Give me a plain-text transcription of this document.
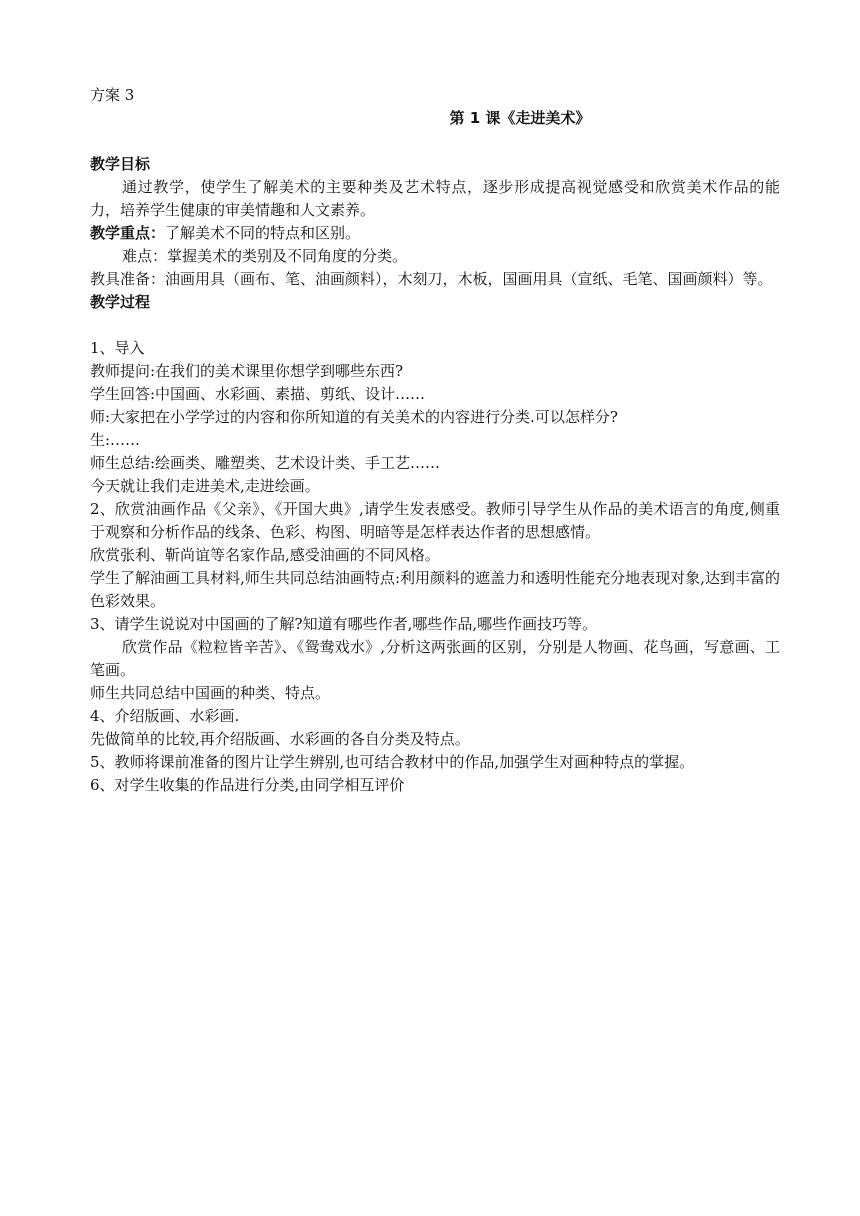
方案 3
第 1 课《走进美术》
教学目标
通过教学，使学生了解美术的主要种类及艺术特点，逐步形成提高视觉感受和欣赏美术作品的能力，培养学生健康的审美情趣和人文素养。
教学重点：了解美术不同的特点和区别。
难点：掌握美术的类别及不同角度的分类。
教具准备：油画用具（画布、笔、油画颜料），木刻刀，木板，国画用具（宣纸、毛笔、国画颜料）等。
教学过程
1、导入
教师提问:在我们的美术课里你想学到哪些东西?
学生回答:中国画、水彩画、素描、剪纸、设计……
师:大家把在小学学过的内容和你所知道的有关美术的内容进行分类.可以怎样分?
生:……
师生总结:绘画类、雕塑类、艺术设计类、手工艺……
今天就让我们走进美术,走进绘画。
2、欣赏油画作品《父亲》、《开国大典》,请学生发表感受。教师引导学生从作品的美术语言的角度,侧重于观察和分析作品的线条、色彩、构图、明暗等是怎样表达作者的思想感情。
欣赏张利、靳尚谊等名家作品,感受油画的不同风格。
学生了解油画工具材料,师生共同总结油画特点:利用颜料的遮盖力和透明性能充分地表现对象,达到丰富的色彩效果。
3、请学生说说对中国画的了解?知道有哪些作者,哪些作品,哪些作画技巧等。
欣赏作品《粒粒皆辛苦》、《鸳鸯戏水》,分析这两张画的区别，分别是人物画、花鸟画，写意画、工笔画。
师生共同总结中国画的种类、特点。
4、介绍版画、水彩画.
先做简单的比较,再介绍版画、水彩画的各自分类及特点。
5、教师将课前准备的图片让学生辨别,也可结合教材中的作品,加强学生对画种特点的掌握。
6、对学生收集的作品进行分类,由同学相互评价
